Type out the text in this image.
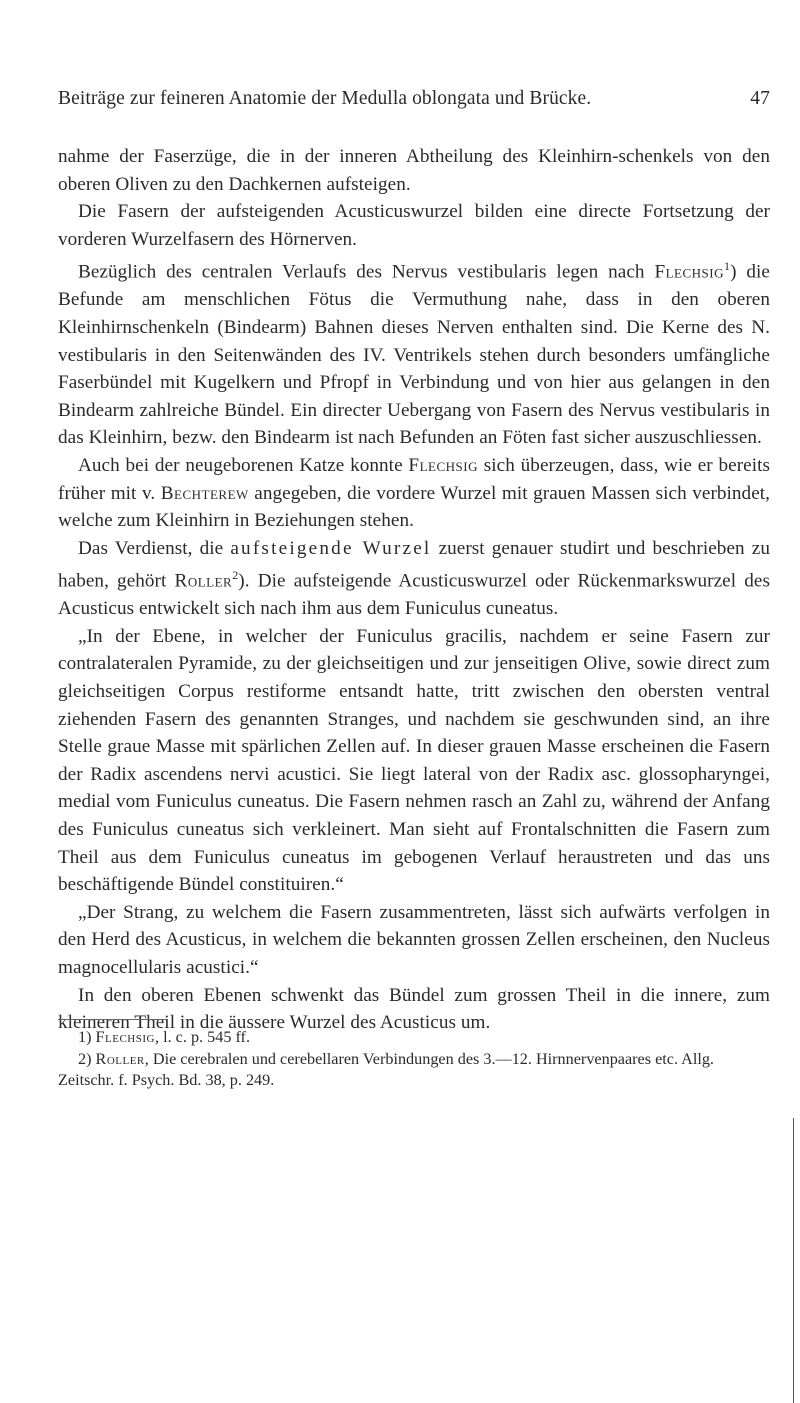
Beiträge zur feineren Anatomie der Medulla oblongata und Brücke.	47

nahme der Faserzüge, die in der inneren Abtheilung des Kleinhirn-schenkels von den oberen Oliven zu den Dachkernen aufsteigen.

Die Fasern der aufsteigenden Acusticuswurzel bilden eine directe Fortsetzung der vorderen Wurzelfasern des Hörnerven.

Bezüglich des centralen Verlaufs des Nervus vestibularis legen nach Flechsig$^1$) die Befunde am menschlichen Fötus die Vermuthung nahe, dass in den oberen Kleinhirnschenkeln (Bindearm) Bahnen dieses Nerven enthalten sind. Die Kerne des N. vestibularis in den Seitenwänden des IV. Ventrikels stehen durch besonders umfängliche Faserbündel mit Kugelkern und Pfropf in Verbindung und von hier aus gelangen in den Bindearm zahlreiche Bündel. Ein directer Uebergang von Fasern des Nervus vestibularis in das Kleinhirn, bezw. den Bindearm ist nach Befunden an Föten fast sicher auszuschliessen.

Auch bei der neugeborenen Katze konnte Flechsig sich überzeugen, dass, wie er bereits früher mit v. Bechterew angegeben, die vordere Wurzel mit grauen Massen sich verbindet, welche zum Kleinhirn in Beziehungen stehen.

Das Verdienst, die aufsteigende Wurzel zuerst genauer studirt und beschrieben zu haben, gehört Roller$^2$). Die aufsteigende Acusticuswurzel oder Rückenmarkswurzel des Acusticus entwickelt sich nach ihm aus dem Funiculus cuneatus.

„In der Ebene, in welcher der Funiculus gracilis, nachdem er seine Fasern zur contralateralen Pyramide, zu der gleichseitigen und zur jenseitigen Olive, sowie direct zum gleichseitigen Corpus restiforme entsandt hatte, tritt zwischen den obersten ventral ziehenden Fasern des genannten Stranges, und nachdem sie geschwunden sind, an ihre Stelle graue Masse mit spärlichen Zellen auf. In dieser grauen Masse erscheinen die Fasern der Radix ascendens nervi acustici. Sie liegt lateral von der Radix asc. glossopharyngei, medial vom Funiculus cuneatus. Die Fasern nehmen rasch an Zahl zu, während der Anfang des Funiculus cuneatus sich verkleinert. Man sieht auf Frontalschnitten die Fasern zum Theil aus dem Funiculus cuneatus im gebogenen Verlauf heraustreten und das uns beschäftigende Bündel constituiren.“

„Der Strang, zu welchem die Fasern zusammentreten, lässt sich aufwärts verfolgen in den Herd des Acusticus, in welchem die bekannten grossen Zellen erscheinen, den Nucleus magnocellularis acustici.“

In den oberen Ebenen schwenkt das Bündel zum grossen Theil in die innere, zum kleineren Theil in die äussere Wurzel des Acusticus um.

1) Flechsig, l. c. p. 545 ff.

2) Roller, Die cerebralen und cerebellaren Verbindungen des 3.—12. Hirnnervenpaares etc. Allg. Zeitschr. f. Psych. Bd. 38, p. 249.
